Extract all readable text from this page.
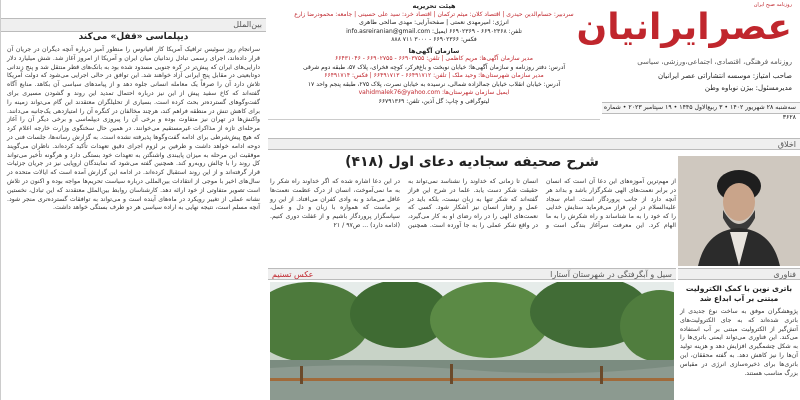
عصرایرانیان
روزنامه صبح ایران
روزنامه فرهنگی، اقتصادی، اجتماعی،ورزشی، سیاسی
صاحب امتیاز: موسسه انتشاراتی عصر ایرانیان
مدیرمسئول: بیژن نوباوه وطن
سه‌شنبه ۲۸ شهریور ۱۴۰۲ • ۳ ربیع‌الاول ۱۴۴۵ • ۱۹ سپتامبر ۲۰۲۳ • شماره ۳۶۲۸
هیئت تحریریه
سردبیر: حسام‌الدین حیدری | اقتصاد کلان: میثم ترکمان | اقتصاد خرد: سید علی حسینی | جامعه: محمودرضا زارع
انرژی: امیرمهدی نعمتی | صفحه‌آرایی: مهدی صالحی طاهری
تلفن: ۶۶۹۰۲۳۶۸ - ۶۶۹۰۲۳۶۹ ایمیل: info.asreiranian@gmail.com
فکس: ۶۶۹۰۲۳۶۶ - ۳۰۰۰ ۷۱۱ ۸۸۸
سازمان آگهی‌ها
مدیر سازمان آگهی‌ها: مریم کاظمی | تلفن: ۶۶۹۰۳۷۵۵ - ۶۶۹۰۲۷۵۵ - ۶۶۴۳۱۰۴۶
آدرس: دفتر روزنامه و سازمان آگهی‌ها: خیابان نوبخت و باغ‌فرکر، کوچه فخرای، پلاک ۵۷، طبقه دوم شرقی
مدیر سازمان شهرستان‌ها: وحید ملک | تلفن: ۶۶۴۹۱۷۱۲ - ۶۶۴۹۱۷۱۳ | فکس: ۶۶۴۹۱۷۱۴
آدرس: خیابان انقلاب خیابان جمالزاده شمالی، نرسیده به خیابان نصرت، پلاک ۲۷۵، طبقه پنجم واحد ۱۷
ایمیل سازمان شهرستان‌ها: vahidmalek76@yahoo.com
لیتوگرافی و چاپ: گل آذین، تلفن: ۶۶۷۹۱۳۶۹
بین‌الملل
دیپلماسی «قفل» می‌کند
سرانجام روز سوئیس ترافیک آمریکا کار اقیانوس را منظور آمیز درباره آنچه دیگران در جریان آن قرار داده‌اند، اجرای رسمی تبادل زندانیان میان ایران و آمریکا از امروز آغاز شد. شش میلیارد دلار دارایی‌های ایران که پیش‌تر در کره جنوبی مسدود شده بود به بانک‌های قطر منتقل شد و پنج زندانی دوتابعیتی در مقابل پنج ایرانی آزاد خواهند شد. این توافق در حالی اجرایی می‌شود که دولت آمریکا تلاش دارد آن را صرفاً یک معامله انسانی جلوه دهد و از پیامدهای سیاسی آن بکاهد. منابع آگاه گفته‌اند که کاخ سفید پیش از این نیز درباره احتمال تمدید این روند و گشودن مسیری برای گفت‌وگوهای گسترده‌تر بحث کرده است. بسیاری از تحلیلگران معتقدند این گام می‌تواند زمینه را برای کاهش تنش در منطقه فراهم کند، هرچند مخالفان در کنگره آن را امتیازدهی یک‌جانبه می‌دانند. واکنش‌ها در تهران نیز متفاوت بوده و برخی آن را پیروزی دیپلماسی و برخی دیگر آن را آغاز مرحله‌ای تازه از مذاکرات غیرمستقیم می‌خوانند. در همین حال سخنگوی وزارت خارجه اعلام کرد که هیچ پیش‌شرطی برای ادامه گفت‌وگوها پذیرفته نشده است. به گزارش رسانه‌ها، جلسات فنی در دوحه ادامه خواهد داشت و طرفین بر لزوم اجرای دقیق تعهدات تأکید کرده‌اند. ناظران می‌گویند موفقیت این مرحله به میزان پایبندی واشنگتن به تعهدات خود بستگی دارد و هرگونه تأخیر می‌تواند کل روند را با چالش روبه‌رو کند. همچنین گفته می‌شود که نمایندگان اروپایی نیز در جریان جزئیات قرار گرفته‌اند و از این روند استقبال کرده‌اند. در ادامه این گزارش آمده است که ایالات متحده در سال‌های اخیر با موجی از انتقادات بین‌المللی درباره سیاست تحریم‌ها مواجه بوده و اکنون در تلاش است تصویر متفاوتی از خود ارائه دهد. کارشناسان روابط بین‌الملل معتقدند که این تبادل، نخستین نشانه عملی از تغییر رویکرد در ماه‌های آینده است و می‌تواند به توافقات گسترده‌تری منجر شود. آنچه مسلم است، نتیجه نهایی به اراده سیاسی هر دو طرف بستگی خواهد داشت.
اخلاق
شرح صحیفه سجادیه دعای اول (۴۱۸)
از مهم‌ترین آموزه‌های این دعا آن است که انسان در برابر نعمت‌های الهی شکرگزار باشد و بداند هر آنچه دارد از جانب پروردگار است. امام سجاد علیه‌السلام در این فراز می‌فرماید ستایش خدایی را که خود را به ما شناساند و راه شکرش را به ما الهام کرد. این معرفت سرآغاز بندگی است و انسان تا زمانی که خداوند را نشناسد نمی‌تواند به حقیقت شکر دست یابد. علما در شرح این فراز گفته‌اند که شکر تنها به زبان نیست، بلکه باید در عمل و رفتار انسان نیز آشکار شود. کسی که نعمت‌های الهی را در راه رضای او به کار می‌گیرد، در واقع شکر عملی را به جا آورده است. همچنین در این دعا اشاره شده که اگر خداوند راه شکر را به ما نمی‌آموخت، انسان از درک عظمت نعمت‌ها غافل می‌ماند و به وادی کفران می‌افتاد. از این رو بر ماست که همواره با زبان و دل و عمل، سپاسگزار پروردگار باشیم و از غفلت دوری کنیم. (ادامه دارد) ... ص۹۷ / ۲۱
سیل و آبگرفتگی در شهرستان آستارا
عکس تسنیم	فناوری
باتری نوین با کمک الکترولیت مبتنی بر آب ابداع شد
پژوهشگران موفق به ساخت نوع جدیدی از باتری شده‌اند که به جای الکترولیت‌های آتش‌گیر از الکترولیت مبتنی بر آب استفاده می‌کند. این فناوری می‌تواند ایمنی باتری‌ها را به شکل چشمگیری افزایش دهد و هزینه تولید آن‌ها را نیز کاهش دهد. به گفته محققان، این باتری‌ها برای ذخیره‌سازی انرژی در مقیاس بزرگ مناسب هستند.
